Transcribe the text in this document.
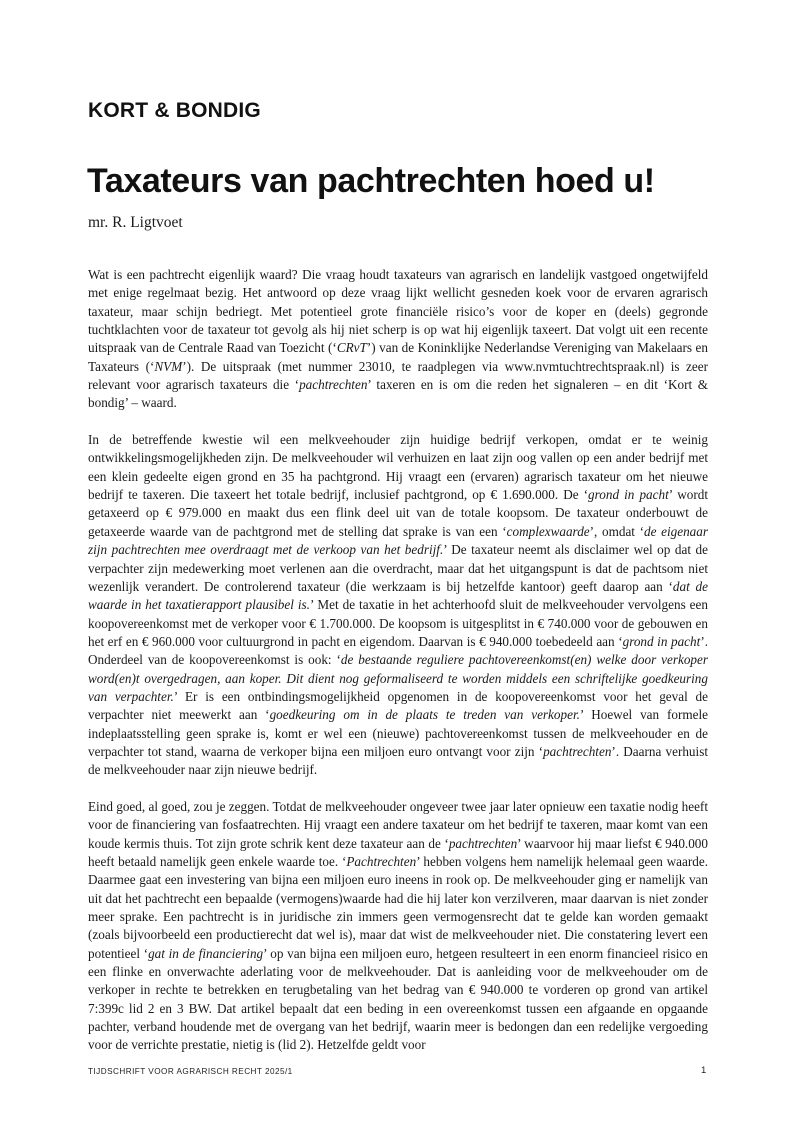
KORT & BONDIG
Taxateurs van pachtrechten hoed u!

mr. R. Ligtvoet

Wat is een pachtrecht eigenlijk waard? Die vraag houdt taxateurs van agrarisch en landelijk vastgoed ongetwijfeld met enige regelmaat bezig. Het antwoord op deze vraag lijkt wellicht gesneden koek voor de ervaren agrarisch taxateur, maar schijn bedriegt. Met potentieel grote financiële risico’s voor de koper en (deels) gegronde tuchtklachten voor de taxateur tot gevolg als hij niet scherp is op wat hij eigenlijk taxeert. Dat volgt uit een recente uitspraak van de Centrale Raad van Toezicht (‘CRvT’) van de Koninklijke Nederlandse Vereniging van Makelaars en Taxateurs (‘NVM’). De uitspraak (met nummer 23010, te raadplegen via www.nvmtuchtrechtspraak.nl) is zeer relevant voor agrarisch taxateurs die ‘pachtrechten’ taxeren en is om die reden het signaleren – en dit ‘Kort & bondig’ – waard.

In de betreffende kwestie wil een melkveehouder zijn huidige bedrijf verkopen, omdat er te weinig ontwikkelingsmogelijkheden zijn. De melkveehouder wil verhuizen en laat zijn oog vallen op een ander bedrijf met een klein gedeelte eigen grond en 35 ha pachtgrond. Hij vraagt een (ervaren) agrarisch taxateur om het nieuwe bedrijf te taxeren. Die taxeert het totale bedrijf, inclusief pachtgrond, op € 1.690.000. De ‘grond in pacht’ wordt getaxeerd op € 979.000 en maakt dus een flink deel uit van de totale koopsom. De taxateur onderbouwt de getaxeerde waarde van de pachtgrond met de stelling dat sprake is van een ‘complexwaarde’, omdat ‘de eigenaar zijn pachtrechten mee overdraagt met de verkoop van het bedrijf.’ De taxateur neemt als disclaimer wel op dat de verpachter zijn medewerking moet verlenen aan die overdracht, maar dat het uitgangspunt is dat de pachtsom niet wezenlijk verandert. De controlerend taxateur (die werkzaam is bij hetzelfde kantoor) geeft daarop aan ‘dat de waarde in het taxatierapport plausibel is.’ Met de taxatie in het achterhoofd sluit de melkveehouder vervolgens een koopovereenkomst met de verkoper voor € 1.700.000. De koopsom is uitgesplitst in € 740.000 voor de gebouwen en het erf en € 960.000 voor cultuurgrond in pacht en eigendom. Daarvan is € 940.000 toebedeeld aan ‘grond in pacht’. Onderdeel van de koopovereenkomst is ook: ‘de bestaande reguliere pachtovereenkomst(en) welke door verkoper word(en)t overgedragen, aan koper. Dit dient nog geformaliseerd te worden middels een schriftelijke goedkeuring van verpachter.’ Er is een ontbindingsmogelijkheid opgenomen in de koopovereenkomst voor het geval de verpachter niet meewerkt aan ‘goedkeuring om in de plaats te treden van verkoper.’ Hoewel van formele indeplaatsstelling geen sprake is, komt er wel een (nieuwe) pachtovereenkomst tussen de melkveehouder en de verpachter tot stand, waarna de verkoper bijna een miljoen euro ontvangt voor zijn ‘pachtrechten’. Daarna verhuist de melkveehouder naar zijn nieuwe bedrijf.

Eind goed, al goed, zou je zeggen. Totdat de melkveehouder ongeveer twee jaar later opnieuw een taxatie nodig heeft voor de financiering van fosfaatrechten. Hij vraagt een andere taxateur om het bedrijf te taxeren, maar komt van een koude kermis thuis. Tot zijn grote schrik kent deze taxateur aan de ‘pachtrechten’ waarvoor hij maar liefst € 940.000 heeft betaald namelijk geen enkele waarde toe. ‘Pachtrechten’ hebben volgens hem namelijk helemaal geen waarde. Daarmee gaat een investering van bijna een miljoen euro ineens in rook op. De melkveehouder ging er namelijk van uit dat het pachtrecht een bepaalde (vermogens)waarde had die hij later kon verzilveren, maar daarvan is niet zonder meer sprake. Een pachtrecht is in juridische zin immers geen vermogensrecht dat te gelde kan worden gemaakt (zoals bijvoorbeeld een productierecht dat wel is), maar dat wist de melkveehouder niet. Die constatering levert een potentieel ‘gat in de financiering’ op van bijna een miljoen euro, hetgeen resulteert in een enorm financieel risico en een flinke en onverwachte aderlating voor de melkveehouder. Dat is aanleiding voor de melkveehouder om de verkoper in rechte te betrekken en terugbetaling van het bedrag van € 940.000 te vorderen op grond van artikel 7:399c lid 2 en 3 BW. Dat artikel bepaalt dat een beding in een overeenkomst tussen een afgaande en opgaande pachter, verband houdende met de overgang van het bedrijf, waarin meer is bedongen dan een redelijke vergoeding voor de verrichte prestatie, nietig is (lid 2). Hetzelfde geldt voor

TIJDSCHRIFT VOOR AGRARISCH RECHT 2025/1	1
